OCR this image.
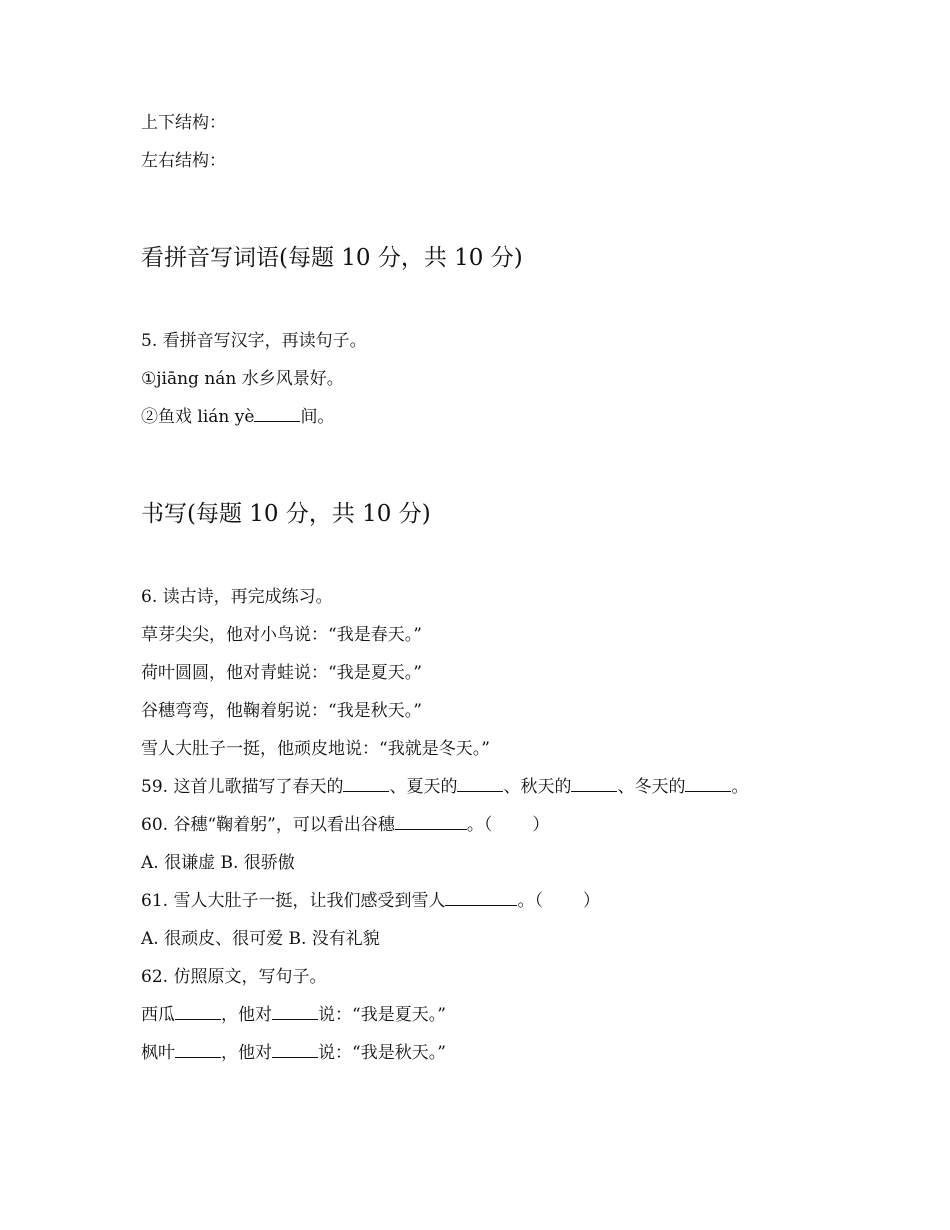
上下结构：
左右结构：
看拼音写词语(每题 10 分，共 10 分)
5. 看拼音写汉字，再读句子。
①jiāng nán 水乡风景好。
②鱼戏 lián yè	间。
书写(每题 10 分，共 10 分)
6. 读古诗，再完成练习。
草芽尖尖，他对小鸟说：“我是春天。”
荷叶圆圆，他对青蛙说：“我是夏天。”
谷穗弯弯，他鞠着躬说：“我是秋天。”
雪人大肚子一挺，他顽皮地说：“我就是冬天。”
59. 这首儿歌描写了春天的	、夏天的	、秋天的	、冬天的	。
60. 谷穗“鞠着躬”，可以看出谷穗	。（ ）
A. 很谦虚 B. 很骄傲
61. 雪人大肚子一挺，让我们感受到雪人	。（ ）
A. 很顽皮、很可爱 B. 没有礼貌
62. 仿照原文，写句子。
西瓜	，他对	说：“我是夏天。”
枫叶	，他对	说：“我是秋天。”
